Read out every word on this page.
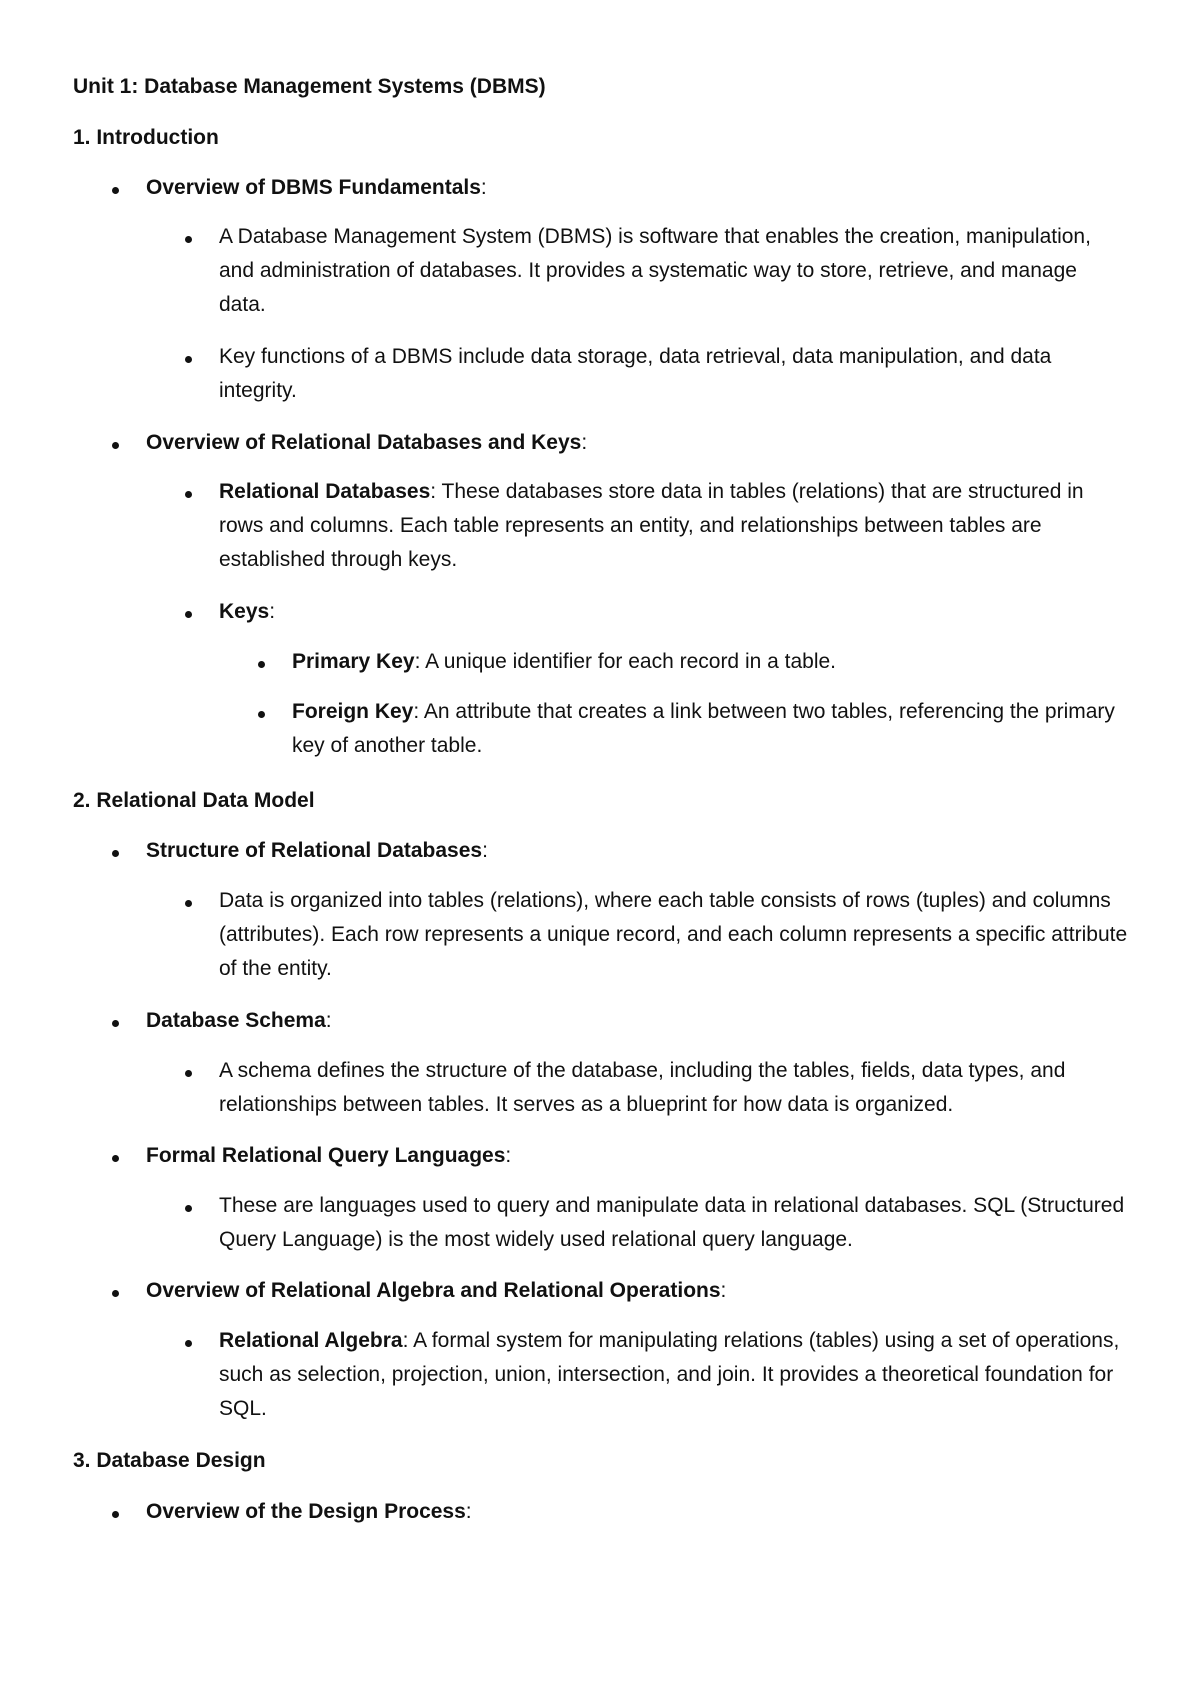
Unit 1: Database Management Systems (DBMS)
1. Introduction

Overview of DBMS Fundamentals:

A Database Management System (DBMS) is software that enables the creation, manipulation, and administration of databases. It provides a systematic way to store, retrieve, and manage data.

Key functions of a DBMS include data storage, data retrieval, data manipulation, and data integrity.

Overview of Relational Databases and Keys:

Relational Databases: These databases store data in tables (relations) that are structured in rows and columns. Each table represents an entity, and relationships between tables are established through keys.

Keys:

Primary Key: A unique identifier for each record in a table.

Foreign Key: An attribute that creates a link between two tables, referencing the primary key of another table.

2. Relational Data Model

Structure of Relational Databases:

Data is organized into tables (relations), where each table consists of rows (tuples) and columns (attributes). Each row represents a unique record, and each column represents a specific attribute of the entity.

Database Schema:

A schema defines the structure of the database, including the tables, fields, data types, and relationships between tables. It serves as a blueprint for how data is organized.

Formal Relational Query Languages:

These are languages used to query and manipulate data in relational databases. SQL (Structured Query Language) is the most widely used relational query language.

Overview of Relational Algebra and Relational Operations:

Relational Algebra: A formal system for manipulating relations (tables) using a set of operations, such as selection, projection, union, intersection, and join. It provides a theoretical foundation for SQL.

3. Database Design

Overview of the Design Process:
